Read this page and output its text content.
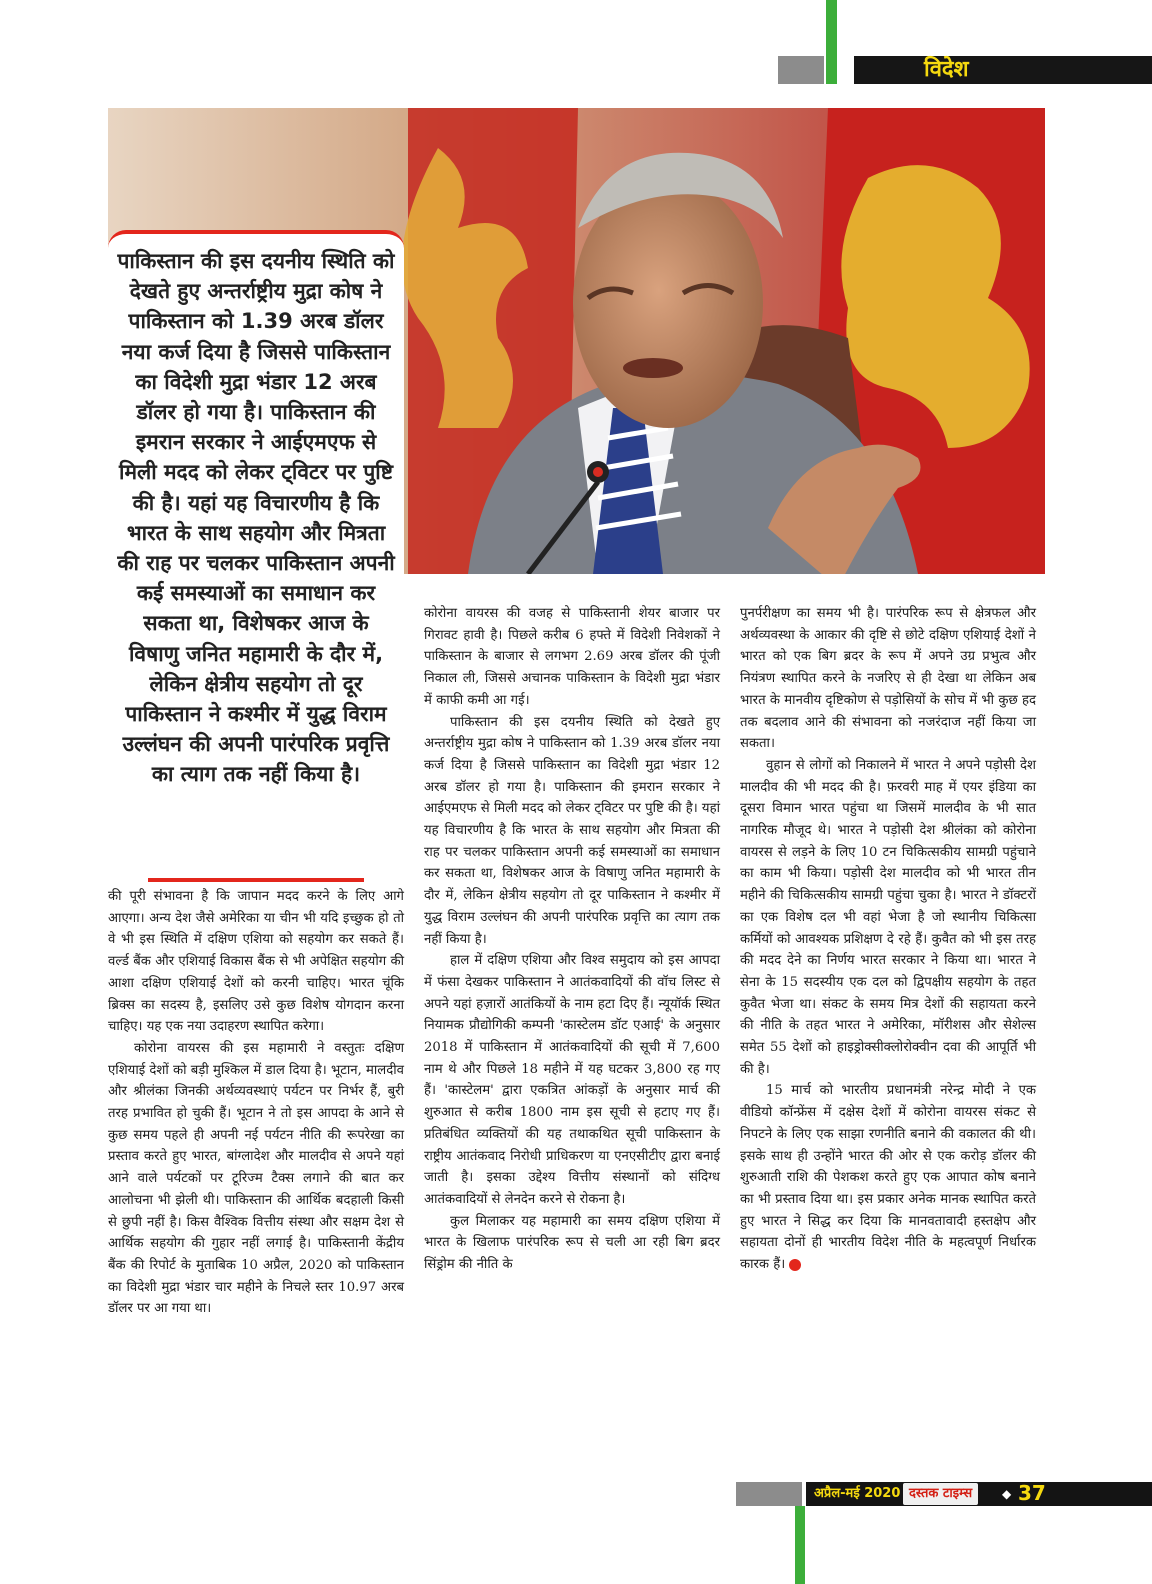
विदेश

पाकिस्तान की इस दयनीय स्थिति को देखते हुए अन्तर्राष्ट्रीय मुद्रा कोष ने पाकिस्तान को 1.39 अरब डॉलर नया कर्ज दिया है जिससे पाकिस्तान का विदेशी मुद्रा भंडार 12 अरब डॉलर हो गया है। पाकिस्तान की इमरान सरकार ने आईएमएफ से मिली मदद को लेकर ट्विटर पर पुष्टि की है। यहां यह विचारणीय है कि भारत के साथ सहयोग और मित्रता की राह पर चलकर पाकिस्तान अपनी कई समस्याओं का समाधान कर सकता था, विशेषकर आज के विषाणु जनित महामारी के दौर में, लेकिन क्षेत्रीय सहयोग तो दूर पाकिस्तान ने कश्मीर में युद्ध विराम उल्लंघन की अपनी पारंपरिक प्रवृत्ति का त्याग तक नहीं किया है।

की पूरी संभावना है कि जापान मदद करने के लिए आगे आएगा। अन्य देश जैसे अमेरिका या चीन भी यदि इच्छुक हो तो वे भी इस स्थिति में दक्षिण एशिया को सहयोग कर सकते हैं। वर्ल्ड बैंक और एशियाई विकास बैंक से भी अपेक्षित सहयोग की आशा दक्षिण एशियाई देशों को करनी चाहिए। भारत चूंकि ब्रिक्स का सदस्य है, इसलिए उसे कुछ विशेष योगदान करना चाहिए। यह एक नया उदाहरण स्थापित करेगा।

कोरोना वायरस की इस महामारी ने वस्तुतः दक्षिण एशियाई देशों को बड़ी मुश्किल में डाल दिया है। भूटान, मालदीव और श्रीलंका जिनकी अर्थव्यवस्थाएं पर्यटन पर निर्भर हैं, बुरी तरह प्रभावित हो चुकी हैं। भूटान ने तो इस आपदा के आने से कुछ समय पहले ही अपनी नई पर्यटन नीति की रूपरेखा का प्रस्ताव करते हुए भारत, बांग्लादेश और मालदीव से अपने यहां आने वाले पर्यटकों पर टूरिज्म टैक्स लगाने की बात कर आलोचना भी झेली थी। पाकिस्तान की आर्थिक बदहाली किसी से छुपी नहीं है। किस वैश्विक वित्तीय संस्था और सक्षम देश से आर्थिक सहयोग की गुहार नहीं लगाई है। पाकिस्तानी केंद्रीय बैंक की रिपोर्ट के मुताबिक 10 अप्रैल, 2020 को पाकिस्तान का विदेशी मुद्रा भंडार चार महीने के निचले स्तर 10.97 अरब डॉलर पर आ गया था।

कोरोना वायरस की वजह से पाकिस्तानी शेयर बाजार पर गिरावट हावी है। पिछले करीब 6 हफ्ते में विदेशी निवेशकों ने पाकिस्तान के बाजार से लगभग 2.69 अरब डॉलर की पूंजी निकाल ली, जिससे अचानक पाकिस्तान के विदेशी मुद्रा भंडार में काफी कमी आ गई।

पाकिस्तान की इस दयनीय स्थिति को देखते हुए अन्तर्राष्ट्रीय मुद्रा कोष ने पाकिस्तान को 1.39 अरब डॉलर नया कर्ज दिया है जिससे पाकिस्तान का विदेशी मुद्रा भंडार 12 अरब डॉलर हो गया है। पाकिस्तान की इमरान सरकार ने आईएमएफ से मिली मदद को लेकर ट्विटर पर पुष्टि की है। यहां यह विचारणीय है कि भारत के साथ सहयोग और मित्रता की राह पर चलकर पाकिस्तान अपनी कई समस्याओं का समाधान कर सकता था, विशेषकर आज के विषाणु जनित महामारी के दौर में, लेकिन क्षेत्रीय सहयोग तो दूर पाकिस्तान ने कश्मीर में युद्ध विराम उल्लंघन की अपनी पारंपरिक प्रवृत्ति का त्याग तक नहीं किया है।

हाल में दक्षिण एशिया और विश्व समुदाय को इस आपदा में फंसा देखकर पाकिस्तान ने आतंकवादियों की वॉच लिस्ट से अपने यहां हज़ारों आतंकियों के नाम हटा दिए हैं। न्यूयॉर्क स्थित नियामक प्रौद्योगिकी कम्पनी 'कास्टेलम डॉट एआई' के अनुसार 2018 में पाकिस्तान में आतंकवादियों की सूची में 7,600 नाम थे और पिछले 18 महीने में यह घटकर 3,800 रह गए हैं। 'कास्टेलम' द्वारा एकत्रित आंकड़ों के अनुसार मार्च की शुरुआत से करीब 1800 नाम इस सूची से हटाए गए हैं। प्रतिबंधित व्यक्तियों की यह तथाकथित सूची पाकिस्तान के राष्ट्रीय आतंकवाद निरोधी प्राधिकरण या एनएसीटीए द्वारा बनाई जाती है। इसका उद्देश्य वित्तीय संस्थानों को संदिग्ध आतंकवादियों से लेनदेन करने से रोकना है।

कुल मिलाकर यह महामारी का समय दक्षिण एशिया में भारत के खिलाफ पारंपरिक रूप से चली आ रही बिग ब्रदर सिंड्रोम की नीति के

पुनर्परीक्षण का समय भी है। पारंपरिक रूप से क्षेत्रफल और अर्थव्यवस्था के आकार की दृष्टि से छोटे दक्षिण एशियाई देशों ने भारत को एक बिग ब्रदर के रूप में अपने उग्र प्रभुत्व और नियंत्रण स्थापित करने के नजरिए से ही देखा था लेकिन अब भारत के मानवीय दृष्टिकोण से पड़ोसियों के सोच में भी कुछ हद तक बदलाव आने की संभावना को नजरंदाज नहीं किया जा सकता।

वुहान से लोगों को निकालने में भारत ने अपने पड़ोसी देश मालदीव की भी मदद की है। फ़रवरी माह में एयर इंडिया का दूसरा विमान भारत पहुंचा था जिसमें मालदीव के भी सात नागरिक मौजूद थे। भारत ने पड़ोसी देश श्रीलंका को कोरोना वायरस से लड़ने के लिए 10 टन चिकित्सकीय सामग्री पहुंचाने का काम भी किया। पड़ोसी देश मालदीव को भी भारत तीन महीने की चिकित्सकीय सामग्री पहुंचा चुका है। भारत ने डॉक्टरों का एक विशेष दल भी वहां भेजा है जो स्थानीय चिकित्सा कर्मियों को आवश्यक प्रशिक्षण दे रहे हैं। कुवैत को भी इस तरह की मदद देने का निर्णय भारत सरकार ने किया था। भारत ने सेना के 15 सदस्यीय एक दल को द्विपक्षीय सहयोग के तहत कुवैत भेजा था। संकट के समय मित्र देशों की सहायता करने की नीति के तहत भारत ने अमेरिका, मॉरीशस और सेशेल्स समेत 55 देशों को हाइड्रोक्सीक्लोरोक्वीन दवा की आपूर्ति भी की है।

15 मार्च को भारतीय प्रधानमंत्री नरेन्द्र मोदी ने एक वीडियो कॉन्फ्रेंस में दक्षेस देशों में कोरोना वायरस संकट से निपटने के लिए एक साझा रणनीति बनाने की वकालत की थी। इसके साथ ही उन्होंने भारत की ओर से एक करोड़ डॉलर की शुरुआती राशि की पेशकश करते हुए एक आपात कोष बनाने का भी प्रस्ताव दिया था। इस प्रकार अनेक मानक स्थापित करते हुए भारत ने सिद्ध कर दिया कि मानवतावादी हस्तक्षेप और सहायता दोनों ही भारतीय विदेश नीति के महत्वपूर्ण निर्धारक कारक हैं।

अप्रैल-मई 2020 दस्तक टाइम्स	◆ 37
